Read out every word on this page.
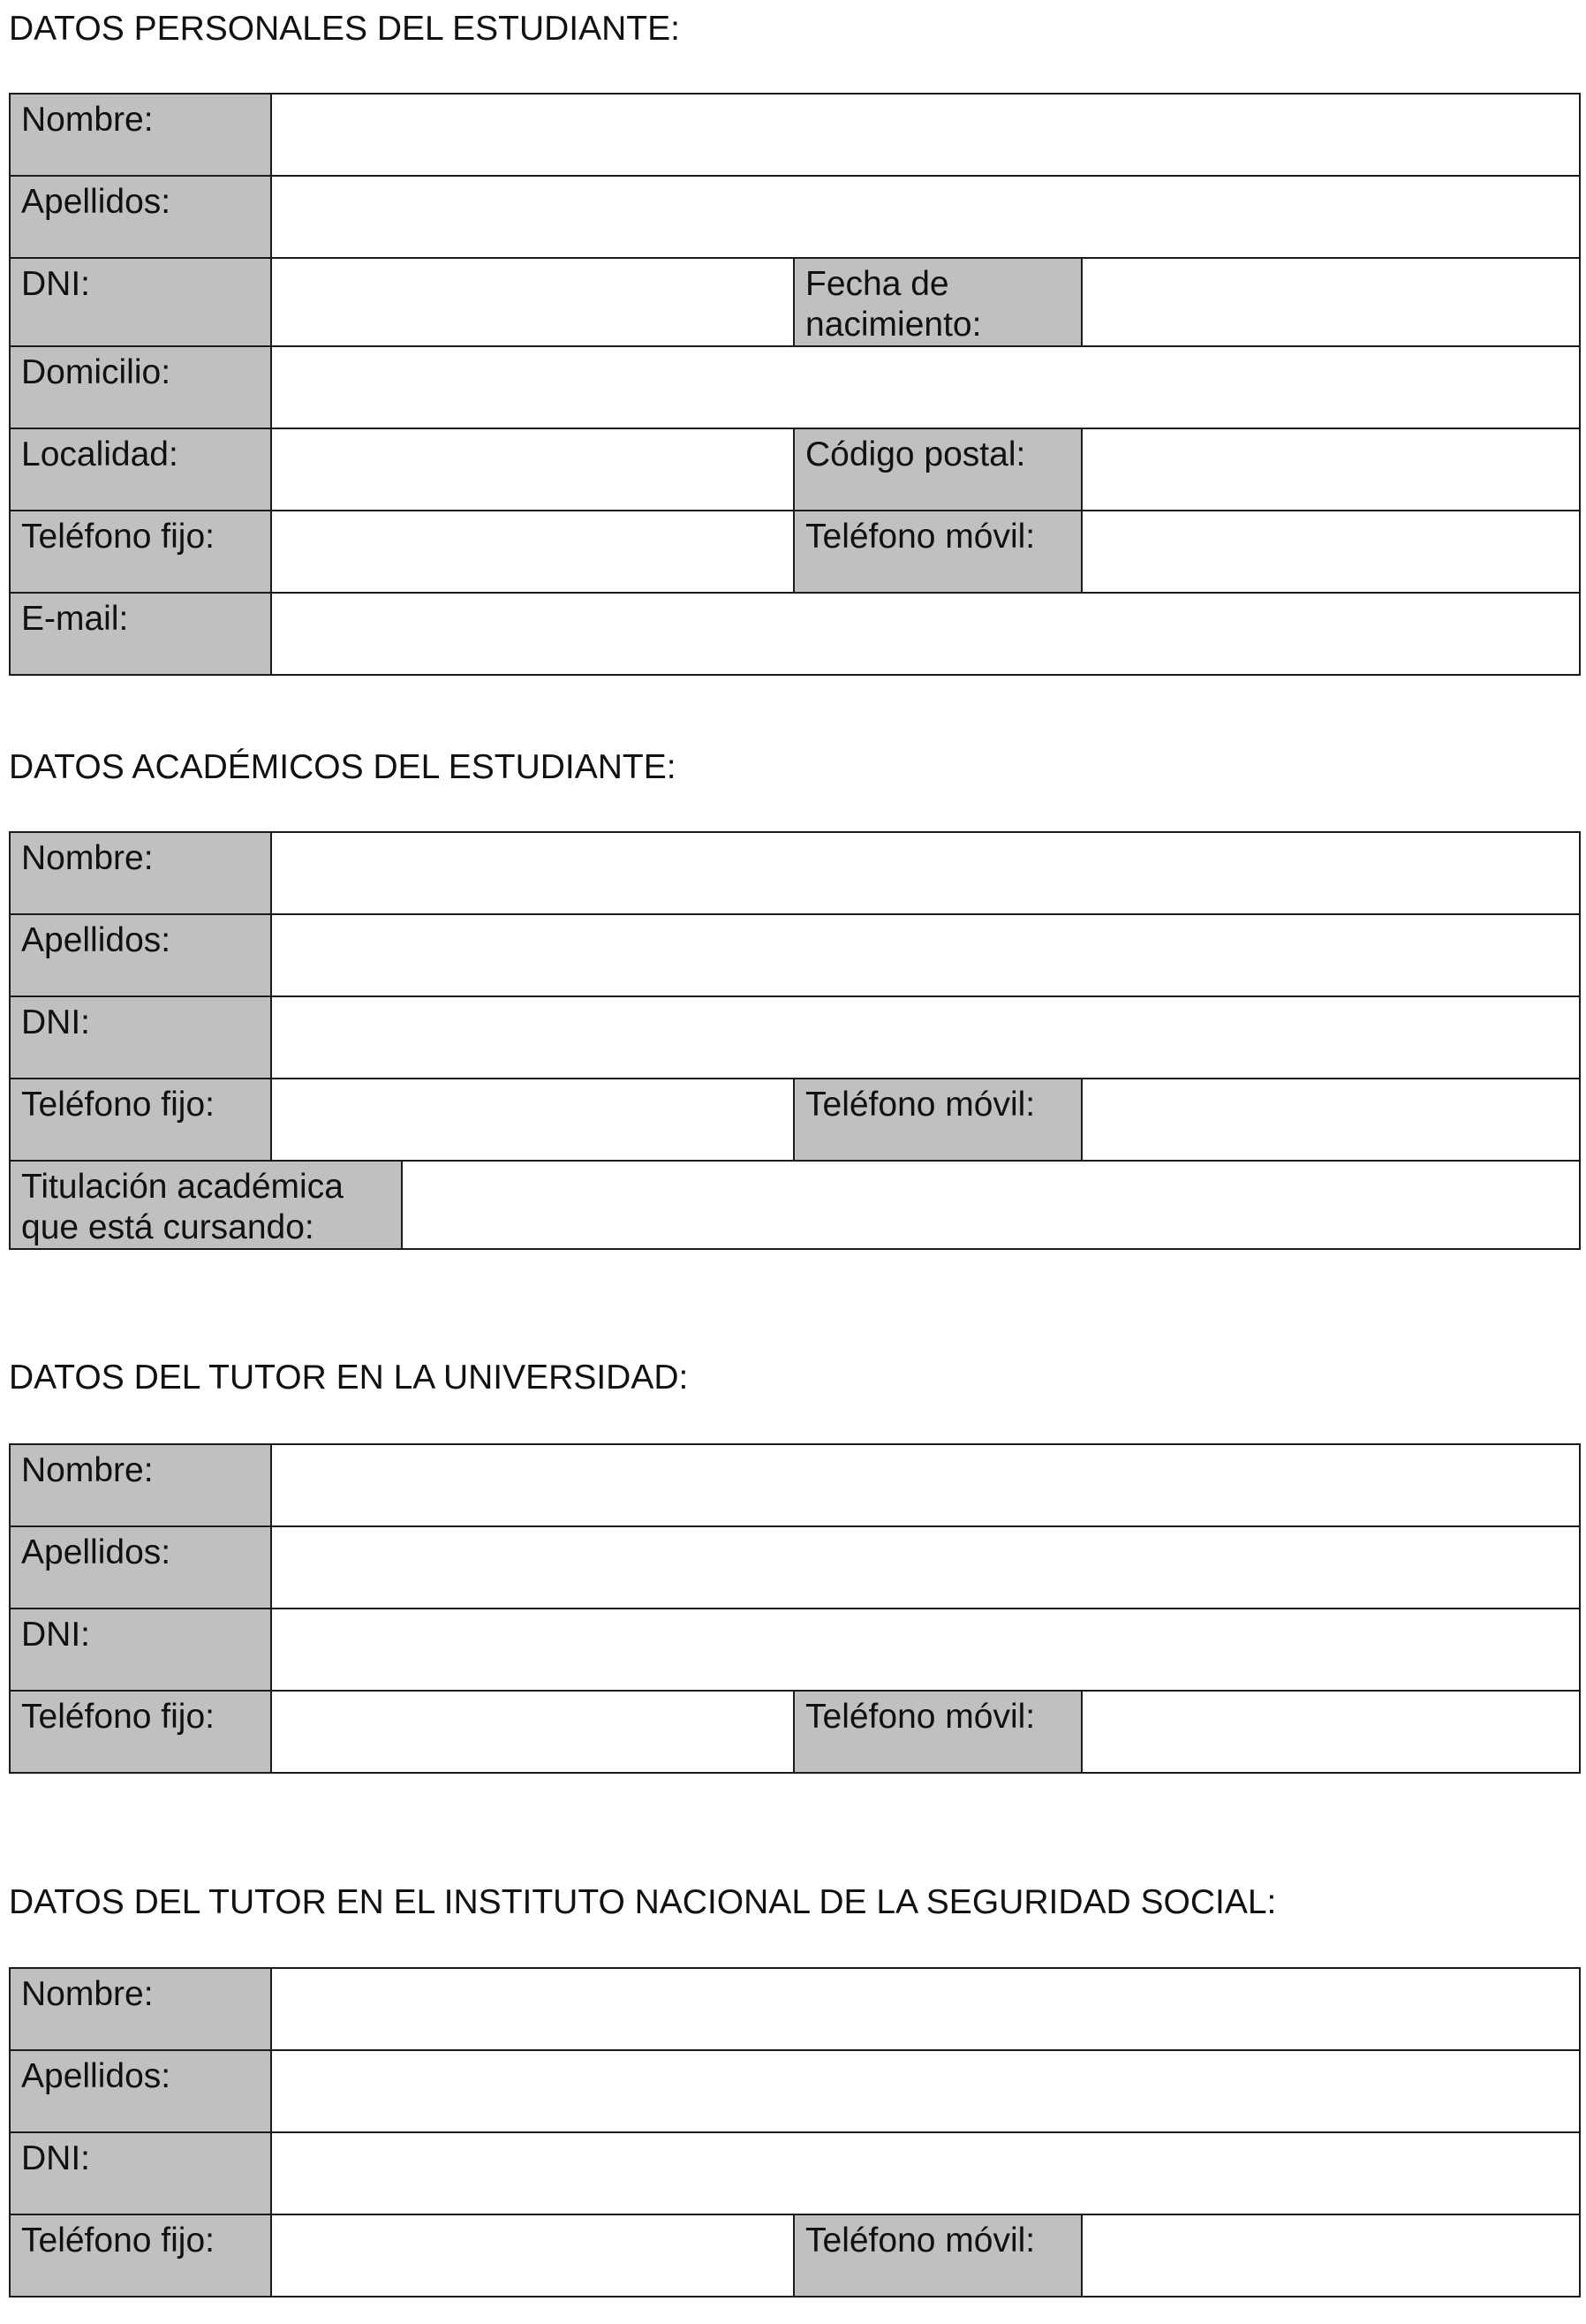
DATOS PERSONALES DEL ESTUDIANTE:
Nombre:			
Apellidos:			
DNI:		Fecha de nacimiento:	
Domicilio:			
Localidad:		Código postal:	
Teléfono fijo:		Teléfono móvil:	
E-mail:			
DATOS ACADÉMICOS DEL ESTUDIANTE:
Nombre:				
Apellidos:				
DNI:				
Teléfono fijo:			Teléfono móvil:	
Titulación académica que está cursando:				
DATOS DEL TUTOR EN LA UNIVERSIDAD:
Nombre:			
Apellidos:			
DNI:			
Teléfono fijo:		Teléfono móvil:	
DATOS DEL TUTOR EN EL INSTITUTO NACIONAL DE LA SEGURIDAD SOCIAL:
Nombre:			
Apellidos:			
DNI:			
Teléfono fijo:		Teléfono móvil:	
